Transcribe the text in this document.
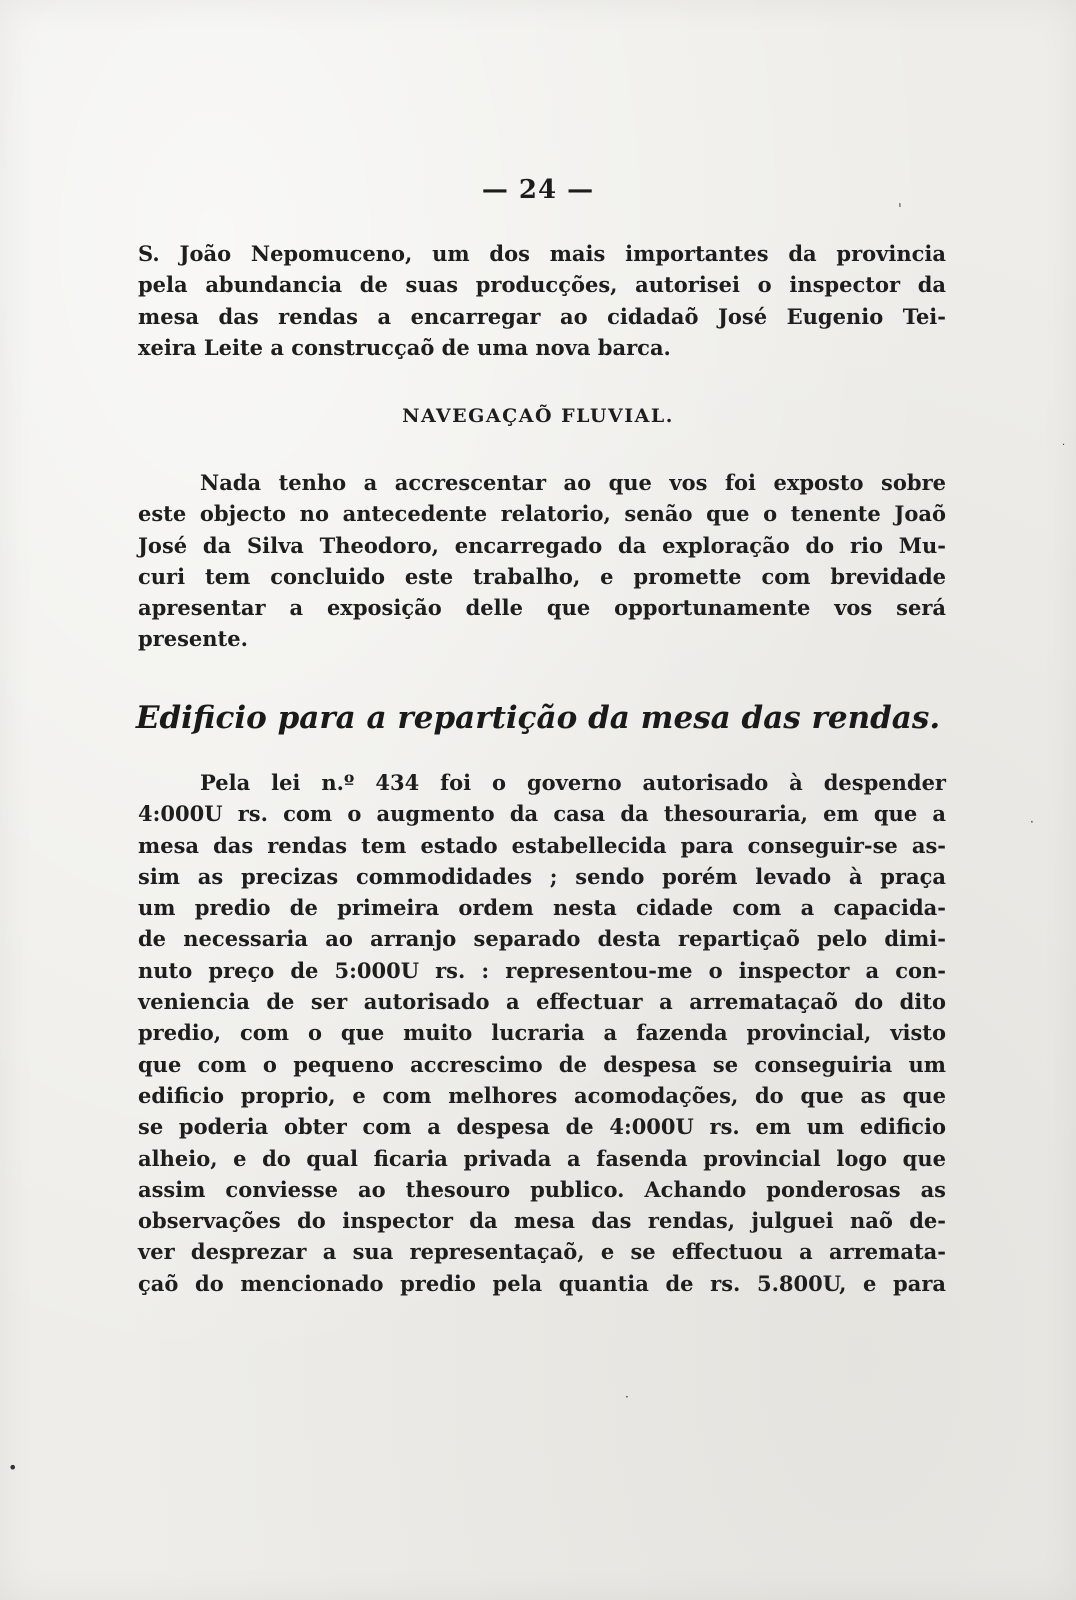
— 24 —
S. João Nepomuceno, um dos mais importantes da provincia
pela abundancia de suas producções, autorisei o inspector da
mesa das rendas a encarregar ao cidadaõ José Eugenio Tei-
xeira Leite a construcçaõ de uma nova barca.
NAVEGAÇAÕ FLUVIAL.
Nada tenho a accrescentar ao que vos foi exposto sobre
este objecto no antecedente relatorio, senão que o tenente Joaõ
José da Silva Theodoro, encarregado da exploração do rio Mu-
curi tem concluido este trabalho, e promette com brevidade
apresentar a exposição delle que opportunamente vos será
presente.
Edificio para a repartição da mesa das rendas.
Pela lei n.º 434 foi o governo autorisado à despender
4:000U rs. com o augmento da casa da thesouraria, em que a
mesa das rendas tem estado estabellecida para conseguir-se as-
sim as precizas commodidades ; sendo porém levado à praça
um predio de primeira ordem nesta cidade com a capacida-
de necessaria ao arranjo separado desta repartiçaõ pelo dimi-
nuto preço de 5:000U rs. : representou-me o inspector a con-
veniencia de ser autorisado a effectuar a arremataçaõ do dito
predio, com o que muito lucraria a fazenda provincial, visto
que com o pequeno accrescimo de despesa se conseguiria um
edificio proprio, e com melhores acomodações, do que as que
se poderia obter com a despesa de 4:000U rs. em um edificio
alheio, e do qual ficaria privada a fasenda provincial logo que
assim conviesse ao thesouro publico. Achando ponderosas as
observações do inspector da mesa das rendas, julguei naõ de-
ver desprezar a sua representaçaõ, e se effectuou a arremata-
çaõ do mencionado predio pela quantia de rs. 5.800U, e para
ˈ
·
•
·
·
